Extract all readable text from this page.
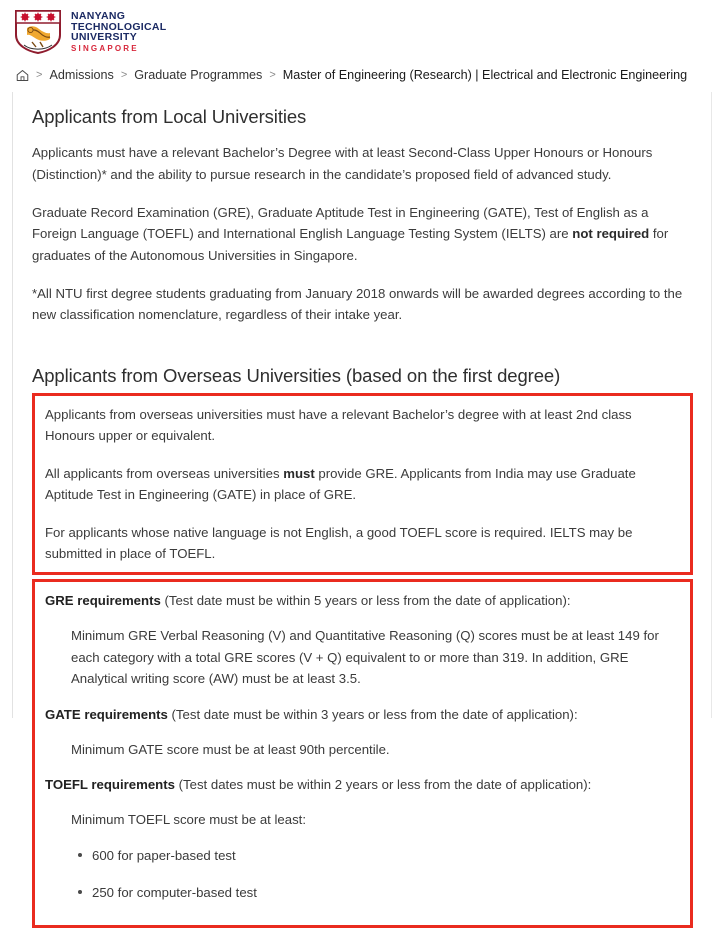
NANYANG
TECHNOLOGICAL
UNIVERSITY
SINGAPORE
> Admissions > Graduate Programmes > Master of Engineering (Research) | Electrical and Electronic Engineering
Applicants from Local Universities

Applicants must have a relevant Bachelor’s Degree with at least Second-Class Upper Honours or Honours (Distinction)* and the ability to pursue research in the candidate’s proposed field of advanced study.

Graduate Record Examination (GRE), Graduate Aptitude Test in Engineering (GATE), Test of English as a Foreign Language (TOEFL) and International English Language Testing System (IELTS) are not required for graduates of the Autonomous Universities in Singapore.

*All NTU first degree students graduating from January 2018 onwards will be awarded degrees according to the new classification nomenclature, regardless of their intake year.

Applicants from Overseas Universities (based on the first degree)

Applicants from overseas universities must have a relevant Bachelor’s degree with at least 2nd class Honours upper or equivalent.

All applicants from overseas universities must provide GRE. Applicants from India may use Graduate Aptitude Test in Engineering (GATE) in place of GRE.

For applicants whose native language is not English, a good TOEFL score is required. IELTS may be submitted in place of TOEFL.

GRE requirements (Test date must be within 5 years or less from the date of application):

Minimum GRE Verbal Reasoning (V) and Quantitative Reasoning (Q) scores must be at least 149 for each category with a total GRE scores (V + Q) equivalent to or more than 319. In addition, GRE Analytical writing score (AW) must be at least 3.5.

GATE requirements (Test date must be within 3 years or less from the date of application):

Minimum GATE score must be at least 90th percentile.

TOEFL requirements (Test dates must be within 2 years or less from the date of application):

Minimum TOEFL score must be at least:

600 for paper-based test
250 for computer-based test
